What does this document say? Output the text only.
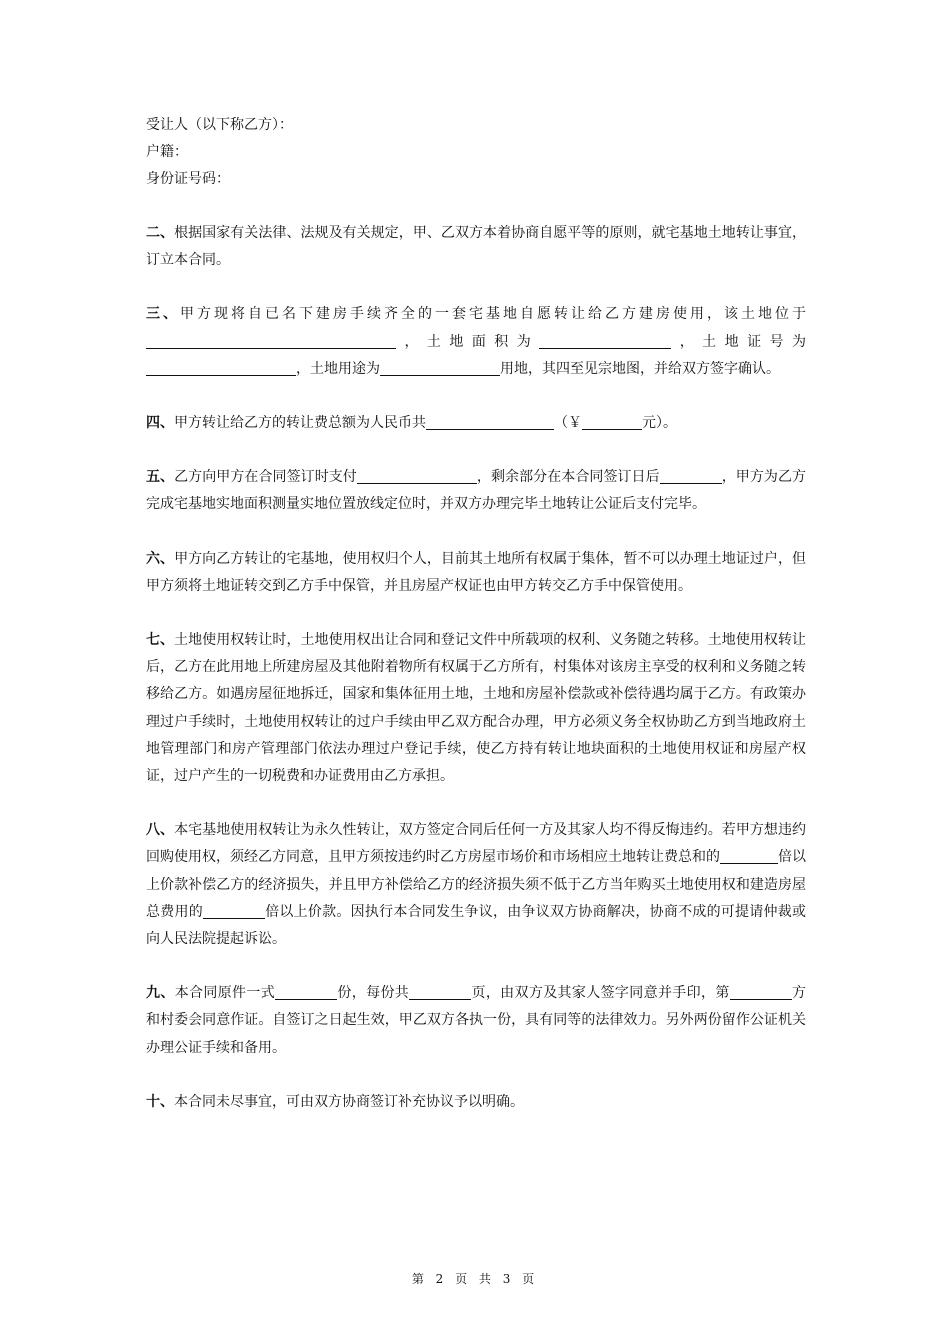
受让人（以下称乙方）：
户籍：
身份证号码：
二、根据国家有关法律、法规及有关规定，甲、乙双方本着协商自愿平等的原则，就宅基地土地转让事宜，订立本合同。
三、甲方现将自已名下建房手续齐全的一套宅基地自愿转让给乙方建房使用，该土地位于，土地面积为	，土地证号为，土地用途为	用地，其四至见宗地图，并给双方签字确认。
四、甲方转让给乙方的转让费总额为人民币共	（￥	元）。
五、乙方向甲方在合同签订时支付	，剩余部分在本合同签订日后	，甲方为乙方完成宅基地实地面积测量实地位置放线定位时，并双方办理完毕土地转让公证后支付完毕。
六、甲方向乙方转让的宅基地，使用权归个人，目前其土地所有权属于集体，暂不可以办理土地证过户，但甲方须将土地证转交到乙方手中保管，并且房屋产权证也由甲方转交乙方手中保管使用。
七、土地使用权转让时，土地使用权出让合同和登记文件中所载项的权利、义务随之转移。土地使用权转让后，乙方在此用地上所建房屋及其他附着物所有权属于乙方所有，村集体对该房主享受的权利和义务随之转移给乙方。如遇房屋征地拆迁，国家和集体征用土地，土地和房屋补偿款或补偿待遇均属于乙方。有政策办理过户手续时，土地使用权转让的过户手续由甲乙双方配合办理，甲方必须义务全权协助乙方到当地政府土地管理部门和房产管理部门依法办理过户登记手续，使乙方持有转让地块面积的土地使用权证和房屋产权证，过户产生的一切税费和办证费用由乙方承担。
八、本宅基地使用权转让为永久性转让，双方签定合同后任何一方及其家人均不得反悔违约。若甲方想违约回购使用权，须经乙方同意，且甲方须按违约时乙方房屋市场价和市场相应土地转让费总和的	倍以上价款补偿乙方的经济损失，并且甲方补偿给乙方的经济损失须不低于乙方当年购买土地使用权和建造房屋总费用的	倍以上价款。因执行本合同发生争议，由争议双方协商解决，协商不成的可提请仲裁或向人民法院提起诉讼。
九、本合同原件一式	份，每份共	页，由双方及其家人签字同意并手印，第	方和村委会同意作证。自签订之日起生效，甲乙双方各执一份，具有同等的法律效力。另外两份留作公证机关办理公证手续和备用。
十、本合同未尽事宜，可由双方协商签订补充协议予以明确。
第 2 页 共 3 页
